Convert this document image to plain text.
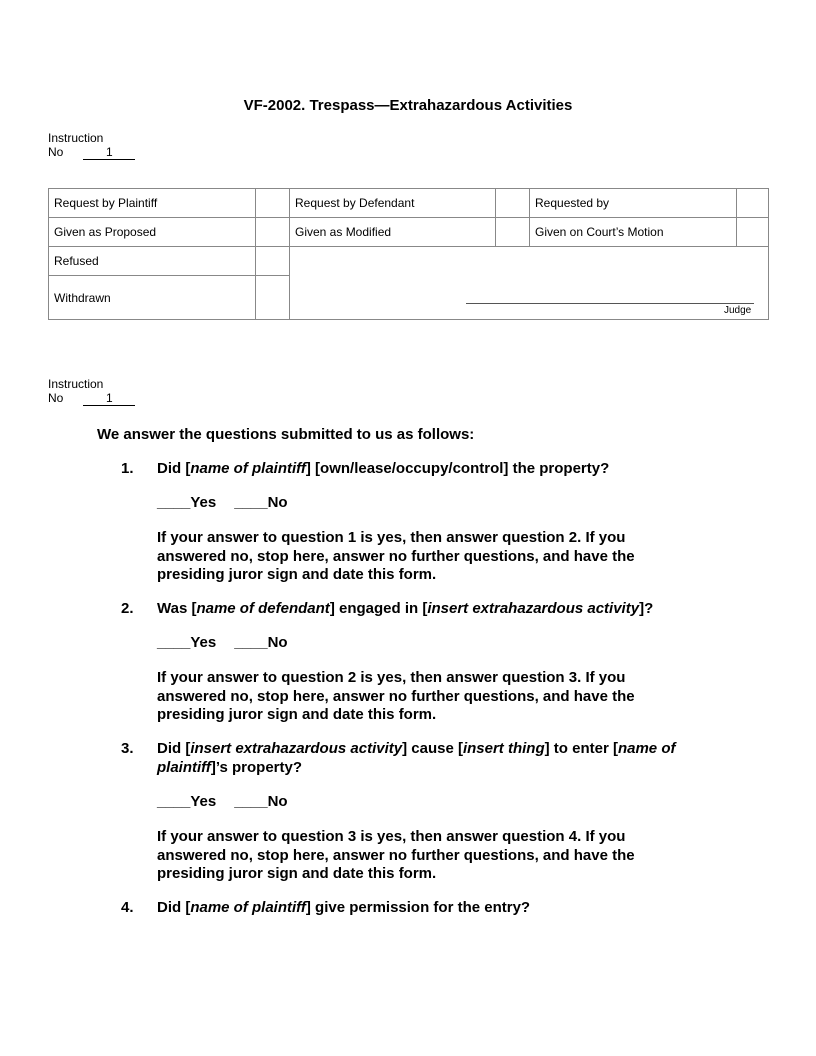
VF-2002. Trespass—Extrahazardous Activities
Instruction
No	1
Request by Plaintiff		Request by Defendant		Requested by	
Given as Proposed		Given as Modified		Given on Court’s Motion	
Refused					
Withdrawn					
Judge
Instruction
No	1
We answer the questions submitted to us as follows:
1. Did [name of plaintiff] [own/lease/occupy/control] the property?
____Yes ____No
If your answer to question 1 is yes, then answer question 2. If you answered no, stop here, answer no further questions, and have the presiding juror sign and date this form.
2. Was [name of defendant] engaged in [insert extrahazardous activity]?
____Yes ____No
If your answer to question 2 is yes, then answer question 3. If you answered no, stop here, answer no further questions, and have the presiding juror sign and date this form.
3. Did [insert extrahazardous activity] cause [insert thing] to enter [name of plaintiff]’s property?
____Yes ____No
If your answer to question 3 is yes, then answer question 4. If you answered no, stop here, answer no further questions, and have the presiding juror sign and date this form.
4. Did [name of plaintiff] give permission for the entry?
